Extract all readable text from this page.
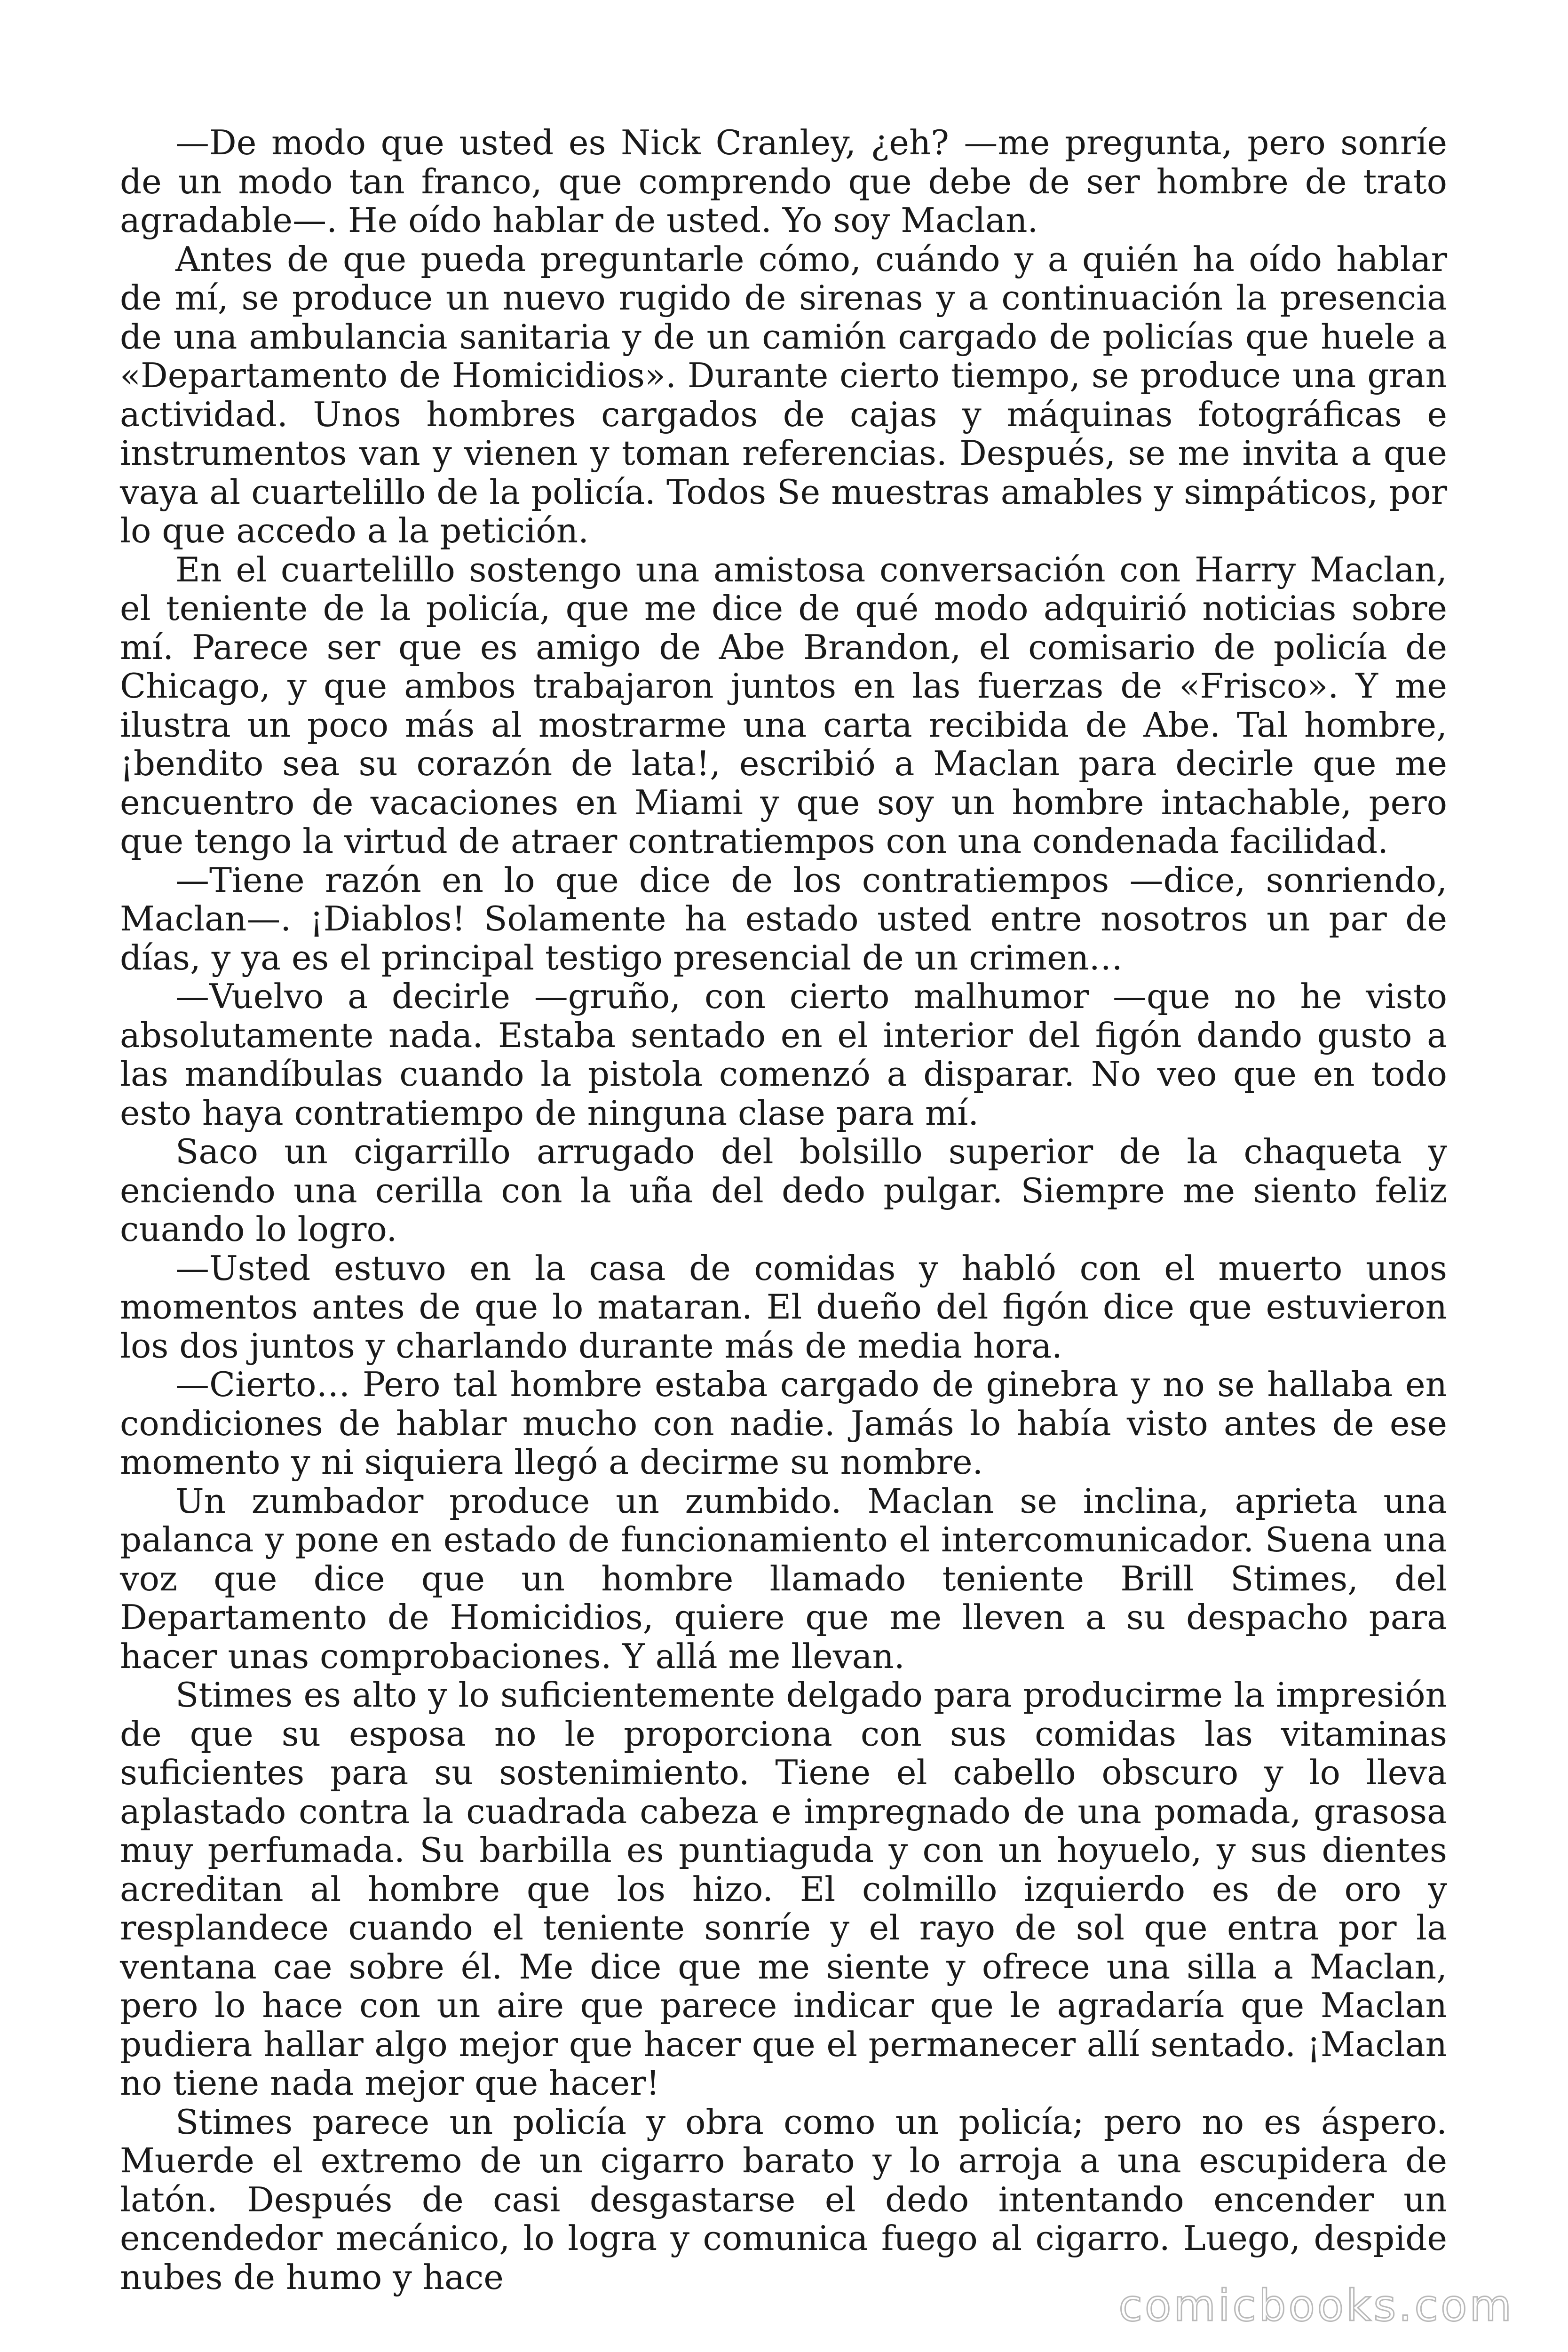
—De modo que usted es Nick Cranley, ¿eh? —me pregunta, pero sonríe de un modo tan franco, que comprendo que debe de ser hombre de trato agradable—. He oído hablar de usted. Yo soy Maclan.

Antes de que pueda preguntarle cómo, cuándo y a quién ha oído hablar de mí, se produce un nuevo rugido de sirenas y a continuación la presencia de una ambulancia sanitaria y de un camión cargado de policías que huele a «Departamento de Homicidios». Durante cierto tiempo, se produce una gran actividad. Unos hombres cargados de cajas y máquinas fotográficas e instrumentos van y vienen y toman referencias. Después, se me invita a que vaya al cuartelillo de la policía. Todos Se muestras amables y simpáticos, por lo que accedo a la petición.

En el cuartelillo sostengo una amistosa conversación con Harry Maclan, el teniente de la policía, que me dice de qué modo adquirió noticias sobre mí. Parece ser que es amigo de Abe Brandon, el comisario de policía de Chicago, y que ambos trabajaron juntos en las fuerzas de «Frisco». Y me ilustra un poco más al mostrarme una carta recibida de Abe. Tal hombre, ¡bendito sea su corazón de lata!, escribió a Maclan para decirle que me encuentro de vacaciones en Miami y que soy un hombre intachable, pero que tengo la virtud de atraer contratiempos con una condenada facilidad.

—Tiene razón en lo que dice de los contratiempos —dice, sonriendo, Maclan—. ¡Diablos! Solamente ha estado usted entre nosotros un par de días, y ya es el principal testigo presencial de un crimen…

—Vuelvo a decirle —gruño, con cierto malhumor —que no he visto absolutamente nada. Estaba sentado en el interior del figón dando gusto a las mandíbulas cuando la pistola comenzó a disparar. No veo que en todo esto haya contratiempo de ninguna clase para mí.

Saco un cigarrillo arrugado del bolsillo superior de la chaqueta y enciendo una cerilla con la uña del dedo pulgar. Siempre me siento feliz cuando lo logro.

—Usted estuvo en la casa de comidas y habló con el muerto unos momentos antes de que lo mataran. El dueño del figón dice que estuvieron los dos juntos y charlando durante más de media hora.

—Cierto… Pero tal hombre estaba cargado de ginebra y no se hallaba en condiciones de hablar mucho con nadie. Jamás lo había visto antes de ese momento y ni siquiera llegó a decirme su nombre.

Un zumbador produce un zumbido. Maclan se inclina, aprieta una palanca y pone en estado de funcionamiento el intercomunicador. Suena una voz que dice que un hombre llamado teniente Brill Stimes, del Departamento de Homicidios, quiere que me lleven a su despacho para hacer unas comprobaciones. Y allá me llevan.

Stimes es alto y lo suficientemente delgado para producirme la impresión de que su esposa no le proporciona con sus comidas las vitaminas suficientes para su sostenimiento. Tiene el cabello obscuro y lo lleva aplastado contra la cuadrada cabeza e impregnado de una pomada, grasosa muy perfumada. Su barbilla es puntiaguda y con un hoyuelo, y sus dientes acreditan al hombre que los hizo. El colmillo izquierdo es de oro y resplandece cuando el teniente sonríe y el rayo de sol que entra por la ventana cae sobre él. Me dice que me siente y ofrece una silla a Maclan, pero lo hace con un aire que parece indicar que le agradaría que Maclan pudiera hallar algo mejor que hacer que el permanecer allí sentado. ¡Maclan no tiene nada mejor que hacer!

Stimes parece un policía y obra como un policía; pero no es áspero. Muerde el extremo de un cigarro barato y lo arroja a una escupidera de latón. Después de casi desgastarse el dedo intentando encender un encendedor mecánico, lo logra y comunica fuego al cigarro. Luego, despide nubes de humo y hace

comicbooks.com
